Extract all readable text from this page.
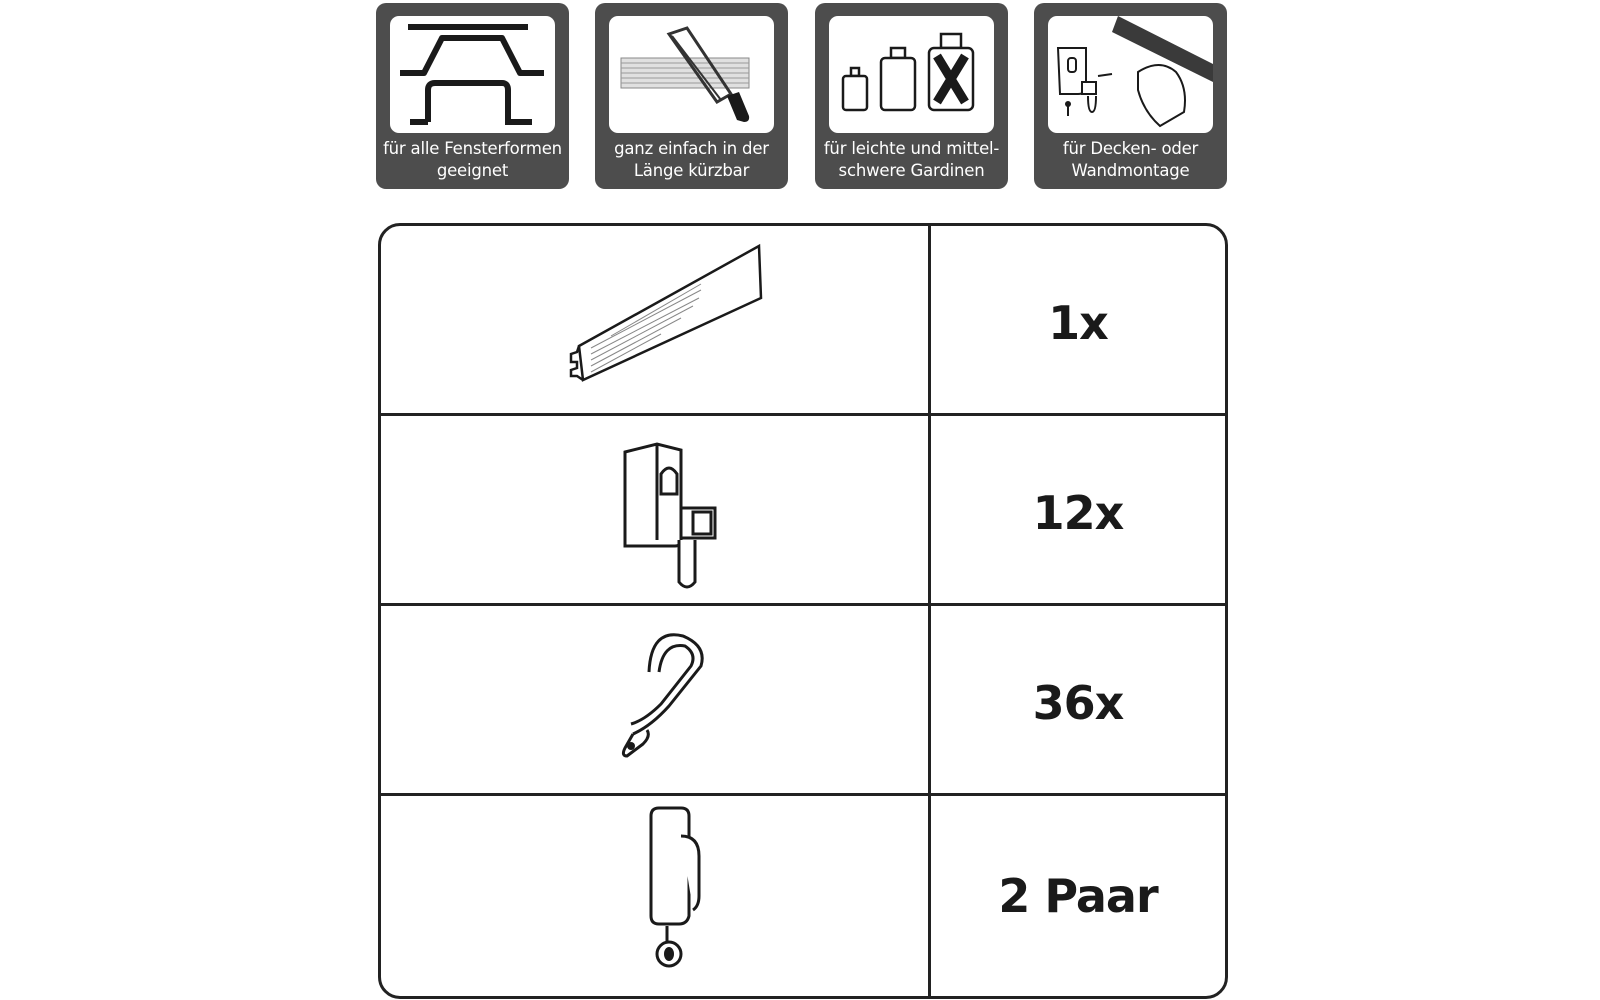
für alle Fensterformen
geeignet
ganz einfach in der
Länge kürzbar
für leichte und mittel-
schwere Gardinen
für Decken- oder
Wandmontage
1x
12x
36x
2 Paar
